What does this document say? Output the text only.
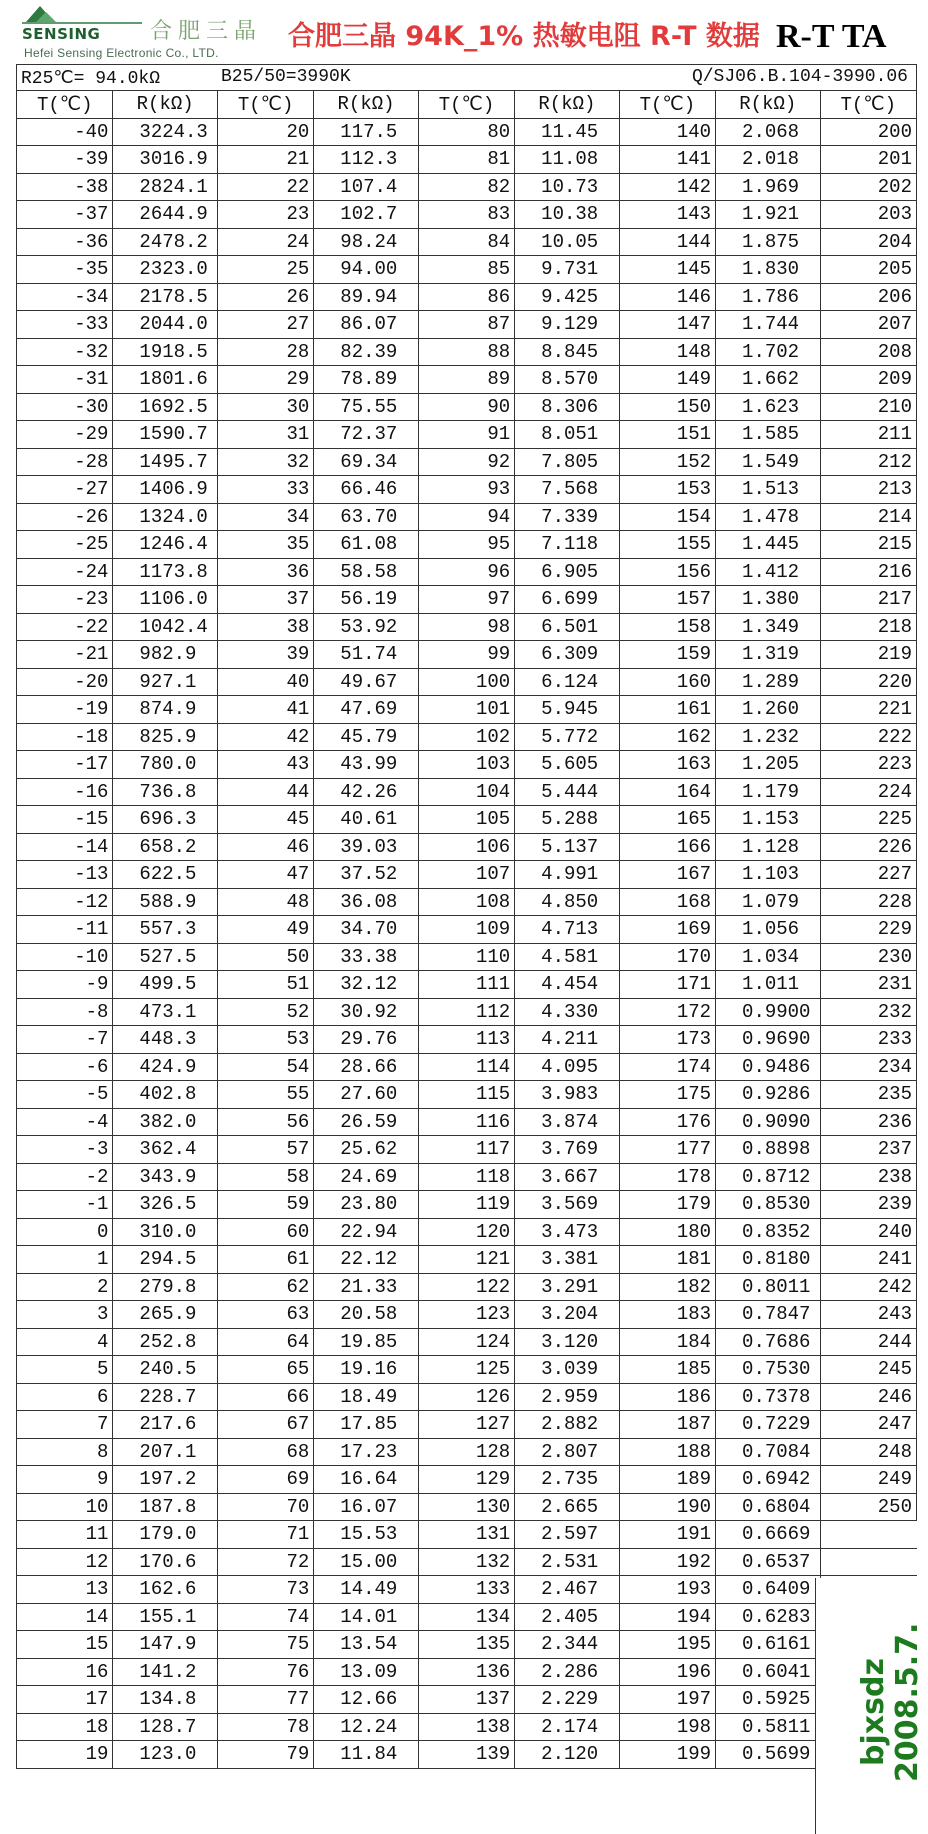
SENSING 合肥三晶
Hefei Sensing Electronic Co., LTD.
合肥三晶 94K_1% 热敏电阻 R-T 数据 R-T TA
R25℃= 94.0kΩ	B25/50=3990K	Q/SJ06.B.104-3990.06
T(℃)	R(kΩ)	T(℃)	R(kΩ)	T(℃)	R(kΩ)	T(℃)	R(kΩ)	T(℃)
-40	3224.3	20	117.5	80	11.45	140	2.068	200
-39	3016.9	21	112.3	81	11.08	141	2.018	201
-38	2824.1	22	107.4	82	10.73	142	1.969	202
-37	2644.9	23	102.7	83	10.38	143	1.921	203
-36	2478.2	24	98.24	84	10.05	144	1.875	204
-35	2323.0	25	94.00	85	9.731	145	1.830	205
-34	2178.5	26	89.94	86	9.425	146	1.786	206
-33	2044.0	27	86.07	87	9.129	147	1.744	207
-32	1918.5	28	82.39	88	8.845	148	1.702	208
-31	1801.6	29	78.89	89	8.570	149	1.662	209
-30	1692.5	30	75.55	90	8.306	150	1.623	210
-29	1590.7	31	72.37	91	8.051	151	1.585	211
-28	1495.7	32	69.34	92	7.805	152	1.549	212
-27	1406.9	33	66.46	93	7.568	153	1.513	213
-26	1324.0	34	63.70	94	7.339	154	1.478	214
-25	1246.4	35	61.08	95	7.118	155	1.445	215
-24	1173.8	36	58.58	96	6.905	156	1.412	216
-23	1106.0	37	56.19	97	6.699	157	1.380	217
-22	1042.4	38	53.92	98	6.501	158	1.349	218
-21	982.9	39	51.74	99	6.309	159	1.319	219
-20	927.1	40	49.67	100	6.124	160	1.289	220
-19	874.9	41	47.69	101	5.945	161	1.260	221
-18	825.9	42	45.79	102	5.772	162	1.232	222
-17	780.0	43	43.99	103	5.605	163	1.205	223
-16	736.8	44	42.26	104	5.444	164	1.179	224
-15	696.3	45	40.61	105	5.288	165	1.153	225
-14	658.2	46	39.03	106	5.137	166	1.128	226
-13	622.5	47	37.52	107	4.991	167	1.103	227
-12	588.9	48	36.08	108	4.850	168	1.079	228
-11	557.3	49	34.70	109	4.713	169	1.056	229
-10	527.5	50	33.38	110	4.581	170	1.034	230
-9	499.5	51	32.12	111	4.454	171	1.011	231
-8	473.1	52	30.92	112	4.330	172	0.9900	232
-7	448.3	53	29.76	113	4.211	173	0.9690	233
-6	424.9	54	28.66	114	4.095	174	0.9486	234
-5	402.8	55	27.60	115	3.983	175	0.9286	235
-4	382.0	56	26.59	116	3.874	176	0.9090	236
-3	362.4	57	25.62	117	3.769	177	0.8898	237
-2	343.9	58	24.69	118	3.667	178	0.8712	238
-1	326.5	59	23.80	119	3.569	179	0.8530	239
0	310.0	60	22.94	120	3.473	180	0.8352	240
1	294.5	61	22.12	121	3.381	181	0.8180	241
2	279.8	62	21.33	122	3.291	182	0.8011	242
3	265.9	63	20.58	123	3.204	183	0.7847	243
4	252.8	64	19.85	124	3.120	184	0.7686	244
5	240.5	65	19.16	125	3.039	185	0.7530	245
6	228.7	66	18.49	126	2.959	186	0.7378	246
7	217.6	67	17.85	127	2.882	187	0.7229	247
8	207.1	68	17.23	128	2.807	188	0.7084	248
9	197.2	69	16.64	129	2.735	189	0.6942	249
10	187.8	70	16.07	130	2.665	190	0.6804	250
11	179.0	71	15.53	131	2.597	191	0.6669	
12	170.6	72	15.00	132	2.531	192	0.6537	
13	162.6	73	14.49	133	2.467	193	0.6409	
14	155.1	74	14.01	134	2.405	194	0.6283	
15	147.9	75	13.54	135	2.344	195	0.6161	
16	141.2	76	13.09	136	2.286	196	0.6041	
17	134.8	77	12.66	137	2.229	197	0.5925	
18	128.7	78	12.24	138	2.174	198	0.5811	
19	123.0	79	11.84	139	2.120	199	0.5699	bjxsdz 2008.5.7.
